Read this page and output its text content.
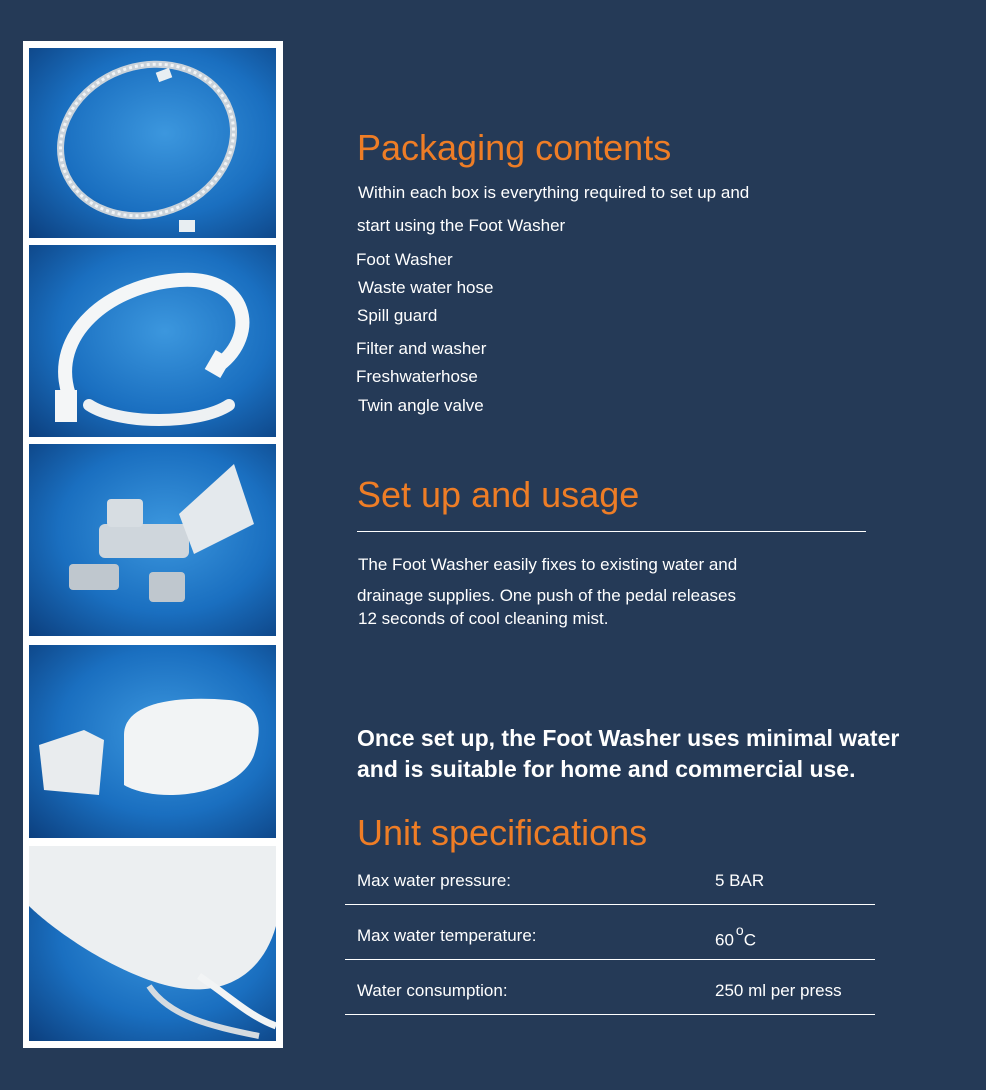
Packaging contents
Within each box is everything required to set up and
start using the Foot Washer
Foot Washer
Waste water hose
Spill guard
Filter and washer
Freshwaterhose
Twin angle valve
Set up and usage
The Foot Washer easily fixes to existing water and
drainage supplies. One push of the pedal releases
12 seconds of cool cleaning mist.
Once set up, the Foot Washer uses minimal water
and is suitable for home and commercial use.
Unit specifications
Max water pressure:	5 BAR
Max water temperature:	60$^o$C
Water consumption:	250 ml per press
